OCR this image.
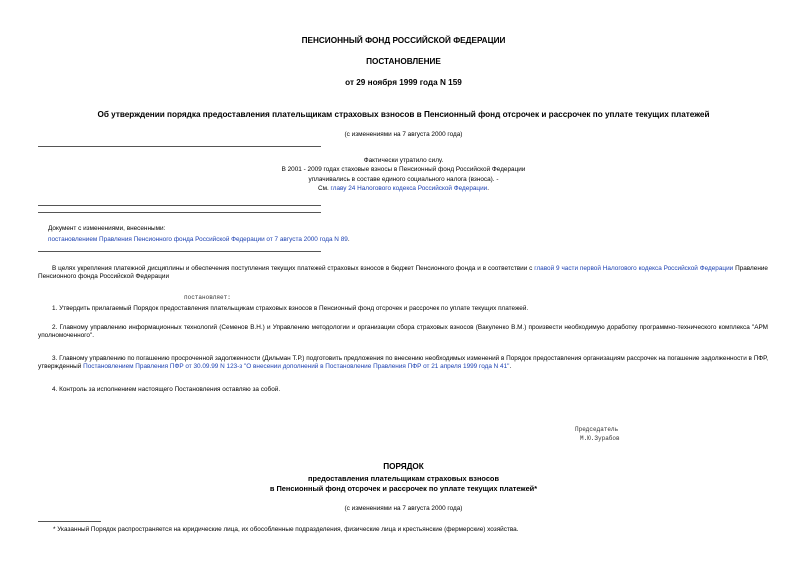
ПЕНСИОННЫЙ ФОНД РОССИЙСКОЙ ФЕДЕРАЦИИ
ПОСТАНОВЛЕНИЕ
от 29 ноября 1999 года N 159
Об утверждении порядка предоставления плательщикам страховых взносов в Пенсионный фонд отсрочек и рассрочек по уплате текущих платежей
(с изменениями на 7 августа 2000 года)
Фактически утратило силу.
В 2001 - 2009 годах стаховые взносы в Пенсионный фонд Российской Федерации
уплачивались в составе единого социального налога (взноса). -
См. главу 24 Налогового кодекса Российской Федерации.
Документ с изменениями, внесенными:
постановлением Правления Пенсионного фонда Российской Федерации от 7 августа 2000 года N 89.
В целях укрепления платежной дисциплины и обеспечения поступления текущих платежей страховых взносов в бюджет Пенсионного фонда и в соответствии с главой 9 части первой Налогового кодекса Российской Федерации Правление Пенсионного фонда Российской Федерации
постановляет:
1. Утвердить прилагаемый Порядок предоставления плательщикам страховых взносов в Пенсионный фонд отсрочек и рассрочек по уплате текущих платежей.
2. Главному управлению информационных технологий (Семенов В.Н.) и Управлению методологии и организации сбора страховых взносов (Вакуленко В.М.) произвести необходимую доработку программно-технического комплекса "АРМ уполномоченного".
3. Главному управлению по погашению просроченной задолженности (Дильман Т.Р.) подготовить предложения по внесению необходимых изменений в Порядок предоставления организациям рассрочек на погашение задолженности в ПФР, утвержденный Постановлением Правления ПФР от 30.09.99 N 123-з "О внесении дополнений в Постановление Правления ПФР от 21 апреля 1999 года N 41".
4. Контроль за исполнением настоящего Постановления оставляю за собой.
Председатель
М.Ю.Зурабов
ПОРЯДОК
предоставления плательщикам страховых взносов
в Пенсионный фонд отсрочек и рассрочек по уплате текущих платежей*
(с изменениями на 7 августа 2000 года)
* Указанный Порядок распространяется на юридические лица, их обособленные подразделения, физические лица и крестьянские (фермерские) хозяйства.
